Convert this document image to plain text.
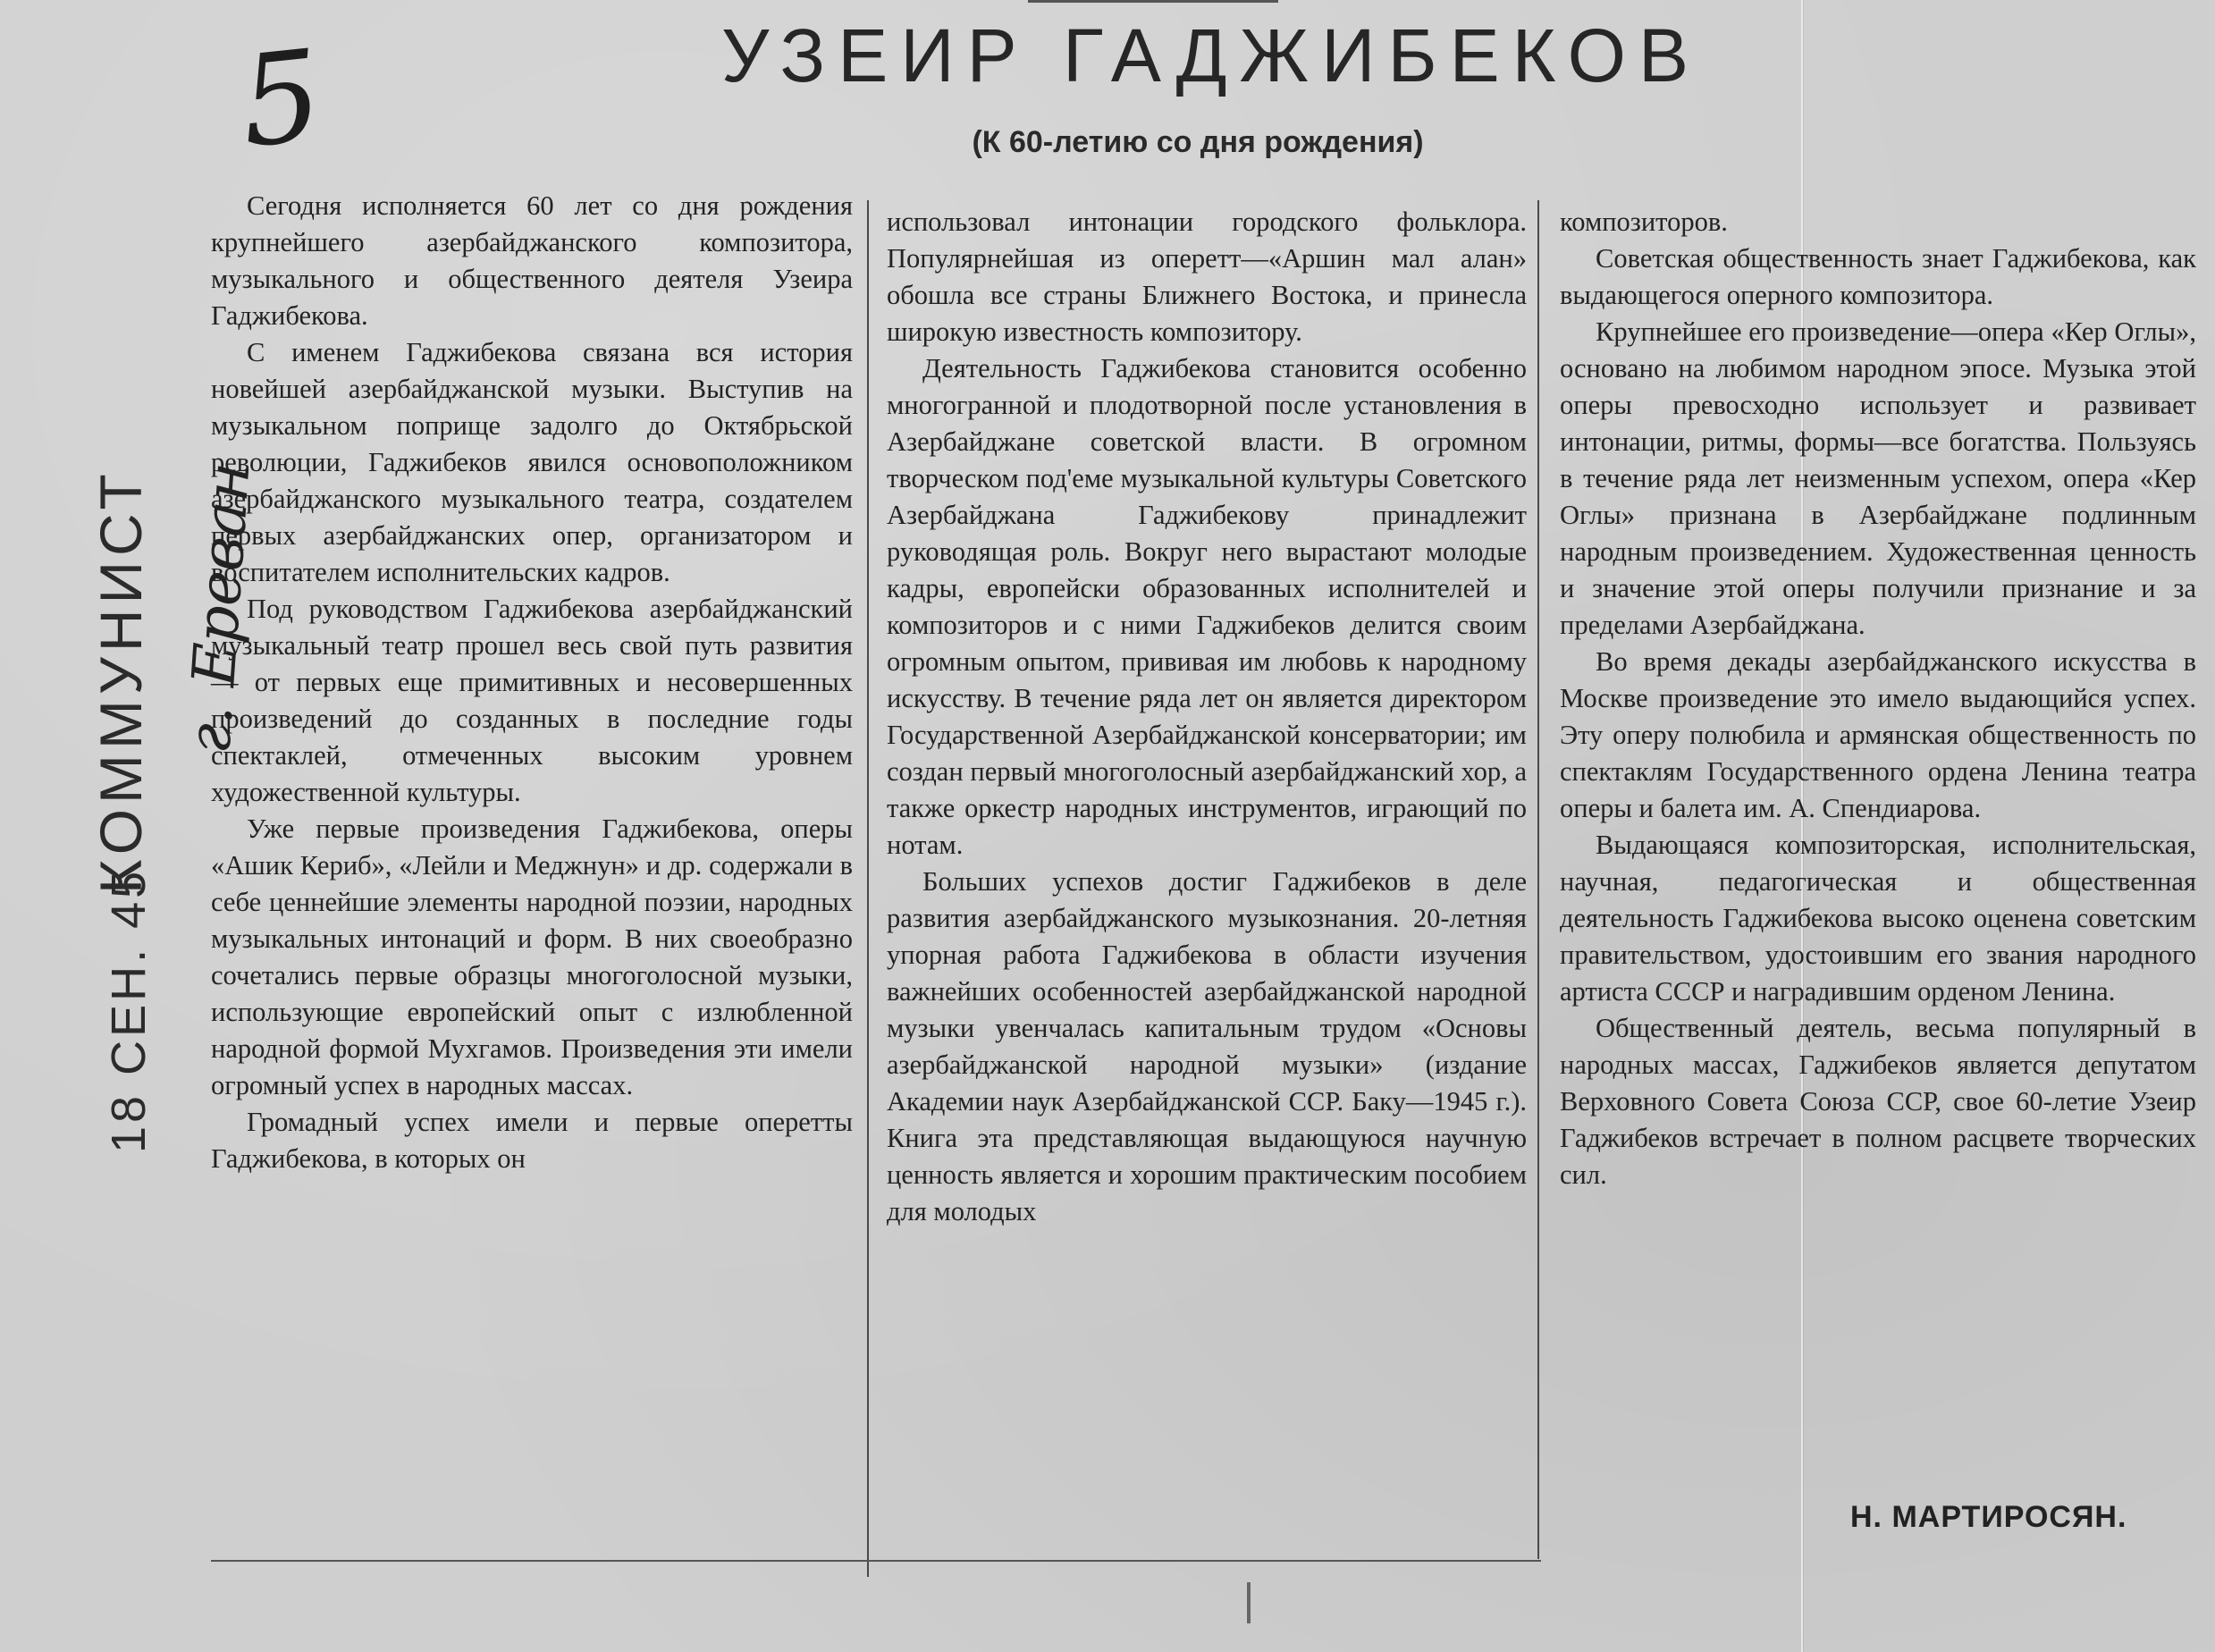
5
КОММУНИСТ
18 СЕН. 45
г. Ереван
УЗЕИР ГАДЖИБЕКОВ
(К 60-летию со дня рождения)

Сегодня исполняется 60 лет со дня рождения крупнейшего азербайджанского композитора, музыкального и общественного деятеля Узеира Гаджибекова.

С именем Гаджибекова связана вся история новейшей азербайджанской музыки. Выступив на музыкальном поприще задолго до Октябрьской революции, Гаджибеков явился основоположником азербайджанского музыкального театра, создателем первых азербайджанских опер, организатором и воспитателем исполнительских кадров.

Под руководством Гаджибекова азербайджанский музыкальный театр прошел весь свой путь развития — от первых еще примитивных и несовершенных произведений до созданных в последние годы спектаклей, отмеченных высоким уровнем художественной культуры.

Уже первые произведения Гаджибекова, оперы «Ашик Кериб», «Лейли и Меджнун» и др. содержали в себе ценнейшие элементы народной поэзии, народных музыкальных интонаций и форм. В них своеобразно сочетались первые образцы многоголосной музыки, использующие европейский опыт с излюбленной народной формой Мухгамов. Произведения эти имели огромный успех в народных массах.

Громадный успех имели и первые оперетты Гаджибекова, в которых он

использовал интонации городского фольклора. Популярнейшая из оперетт—«Аршин мал алан» обошла все страны Ближнего Востока, и принесла широкую известность композитору.

Деятельность Гаджибекова становится особенно многогранной и плодотворной после установления в Азербайджане советской власти. В огромном творческом под'еме музыкальной культуры Советского Азербайджана Гаджибекову принадлежит руководящая роль. Вокруг него вырастают молодые кадры, европейски образованных исполнителей и композиторов и с ними Гаджибеков делится своим огромным опытом, прививая им любовь к народному искусству. В течение ряда лет он является директором Государственной Азербайджанской консерватории; им создан первый многоголосный азербайджанский хор, а также оркестр народных инструментов, играющий по нотам.

Больших успехов достиг Гаджибеков в деле развития азербайджанского музыкознания. 20-летняя упорная работа Гаджибекова в области изучения важнейших особенностей азербайджанской народной музыки увенчалась капитальным трудом «Основы азербайджанской народной музыки» (издание Академии наук Азербайджанской ССР. Баку—1945 г.). Книга эта представляющая выдающуюся научную ценность является и хорошим практическим пособием для молодых

композиторов.

Советская общественность знает Гаджибекова, как выдающегося оперного композитора.

Крупнейшее его произведение—опера «Кер Оглы», основано на любимом народном эпосе. Музыка этой оперы превосходно использует и развивает интонации, ритмы, формы—все богатства. Пользуясь в течение ряда лет неизменным успехом, опера «Кер Оглы» признана в Азербайджане подлинным народным произведением. Художественная ценность и значение этой оперы получили признание и за пределами Азербайджана.

Во время декады азербайджанского искусства в Москве произведение это имело выдающийся успех. Эту оперу полюбила и армянская общественность по спектаклям Государственного ордена Ленина театра оперы и балета им. А. Спендиарова.

Выдающаяся композиторская, исполнительская, научная, педагогическая и общественная деятельность Гаджибекова высоко оценена советским правительством, удостоившим его звания народного артиста СССР и наградившим орденом Ленина.

Общественный деятель, весьма популярный в народных массах, Гаджибеков является депутатом Верховного Совета Союза ССР, свое 60-летие Узеир Гаджибеков встречает в полном расцвете творческих сил.

Н. МАРТИРОСЯН.
